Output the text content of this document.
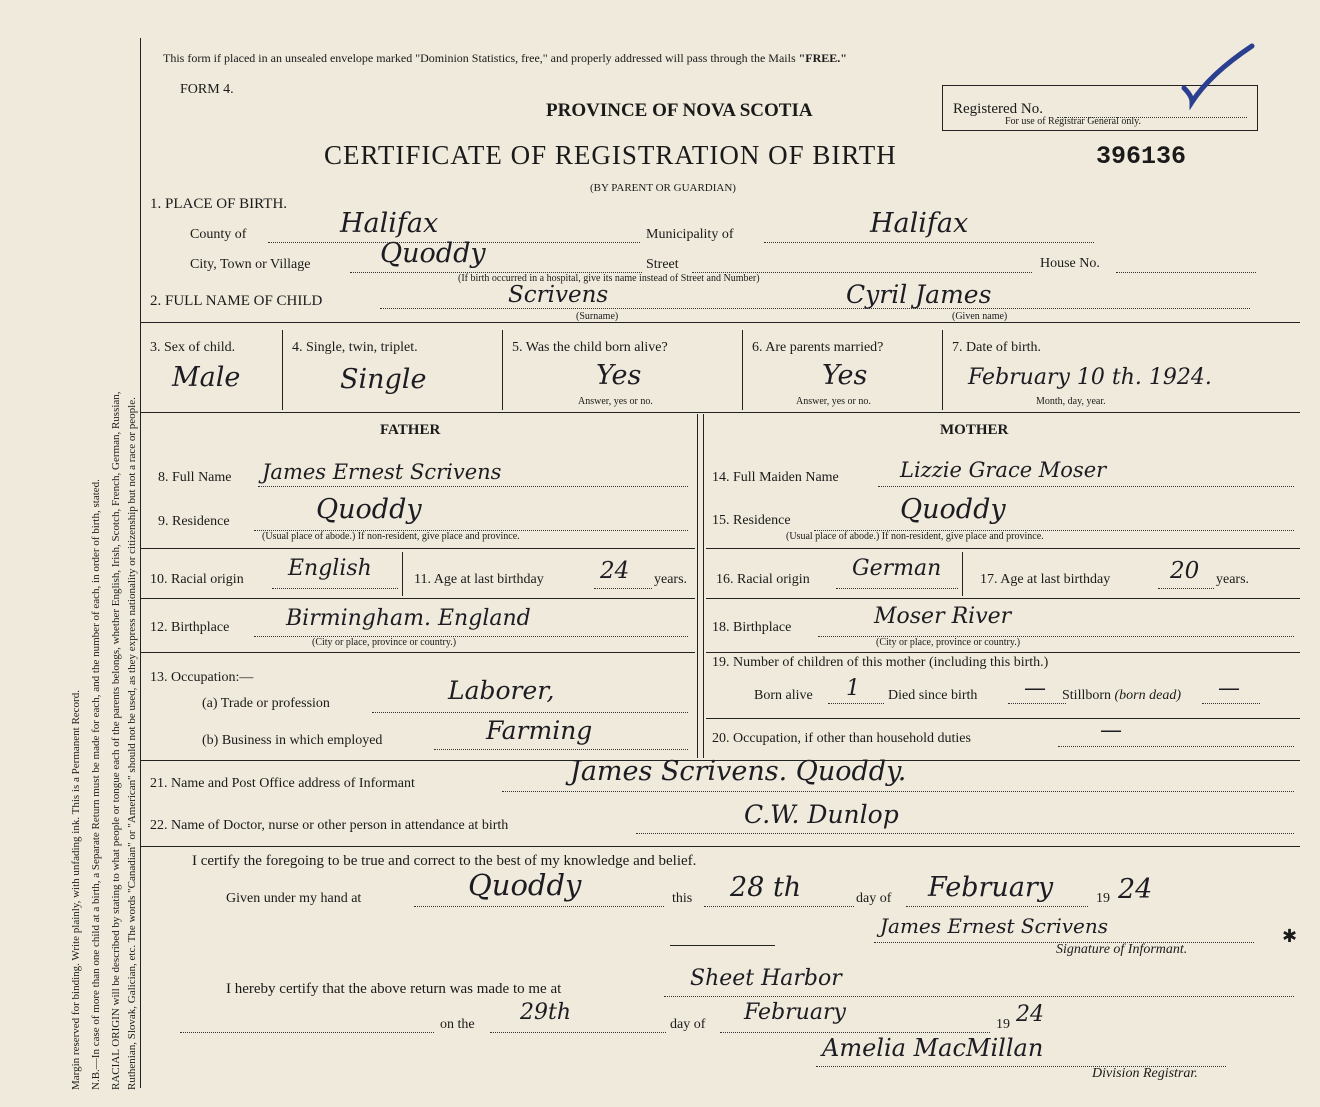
Margin reserved for binding. Write plainly, with unfading ink. This is a Permanent Record. N.B.—In case of more than one child at a birth, a Separate Return must be made for each, and the number of each, in order of birth, stated. RACIAL ORIGIN will be described by stating to what people or tongue each of the parents belongs, whether English, Irish, Scotch, French, German, Russian, Ruthenian, Slovak, Galician, etc. The words "Canadian" or "American" should not be used, as they express nationality or citizenship but not a race or people.
This form if placed in an unsealed envelope marked "Dominion Statistics, free," and properly addressed will pass through the Mails "FREE."
FORM 4.
PROVINCE OF NOVA SCOTIA
CERTIFICATE OF REGISTRATION OF BIRTH	396136
(BY PARENT OR GUARDIAN)
Registered No.
For use of Registrar General only.
1. PLACE OF BIRTH.
County of	Halifax	Municipality of	Halifax
City, Town or Village	Quoddy	Street	House No.
(If birth occurred in a hospital, give its name instead of Street and Number)
2. FULL NAME OF CHILD	Scrivens
(Surname)
Cyril James
(Given name)
3. Sex of child.
Male
4. Single, twin, triplet.
Single
5. Was the child born alive?
Yes
Answer, yes or no.
6. Are parents married?
Yes
Answer, yes or no.
7. Date of birth.
February 10 th. 1924.
Month, day, year.
FATHER	MOTHER
8. Full Name James Ernest Scrivens
9. Residence	Quoddy
(Usual place of abode.) If non-resident, give place and province.
10. Racial origin English	11. Age at last birthday 24 years.
12. Birthplace	Birmingham. England
(City or place, province or country.)
13. Occupation:—
(a) Trade or profession	Laborer,
(b) Business in which employed	Farming
14. Full Maiden Name	Lizzie Grace Moser
15. Residence	Quoddy
(Usual place of abode.) If non-resident, give place and province.
16. Racial origin German	17. Age at last birthday	20 years.
18. Birthplace	Moser River
(City or place, province or country.)
19. Number of children of this mother (including this birth.)
Born alive 1 Died since birth — Stillborn (born dead) —
20. Occupation, if other than household duties	—
21. Name and Post Office address of Informant	James Scrivens. Quoddy.
22. Name of Doctor, nurse or other person in attendance at birth	C.W. Dunlop
I certify the foregoing to be true and correct to the best of my knowledge and belief.
Given under my hand at	Quoddy	this 28 th	day of February	19 24
James Ernest Scrivens	✱
Signature of Informant.
I hereby certify that the above return was made to me at	Sheet Harbor
on the 29th	day of February	19 24
Amelia MacMillan
Division Registrar.
